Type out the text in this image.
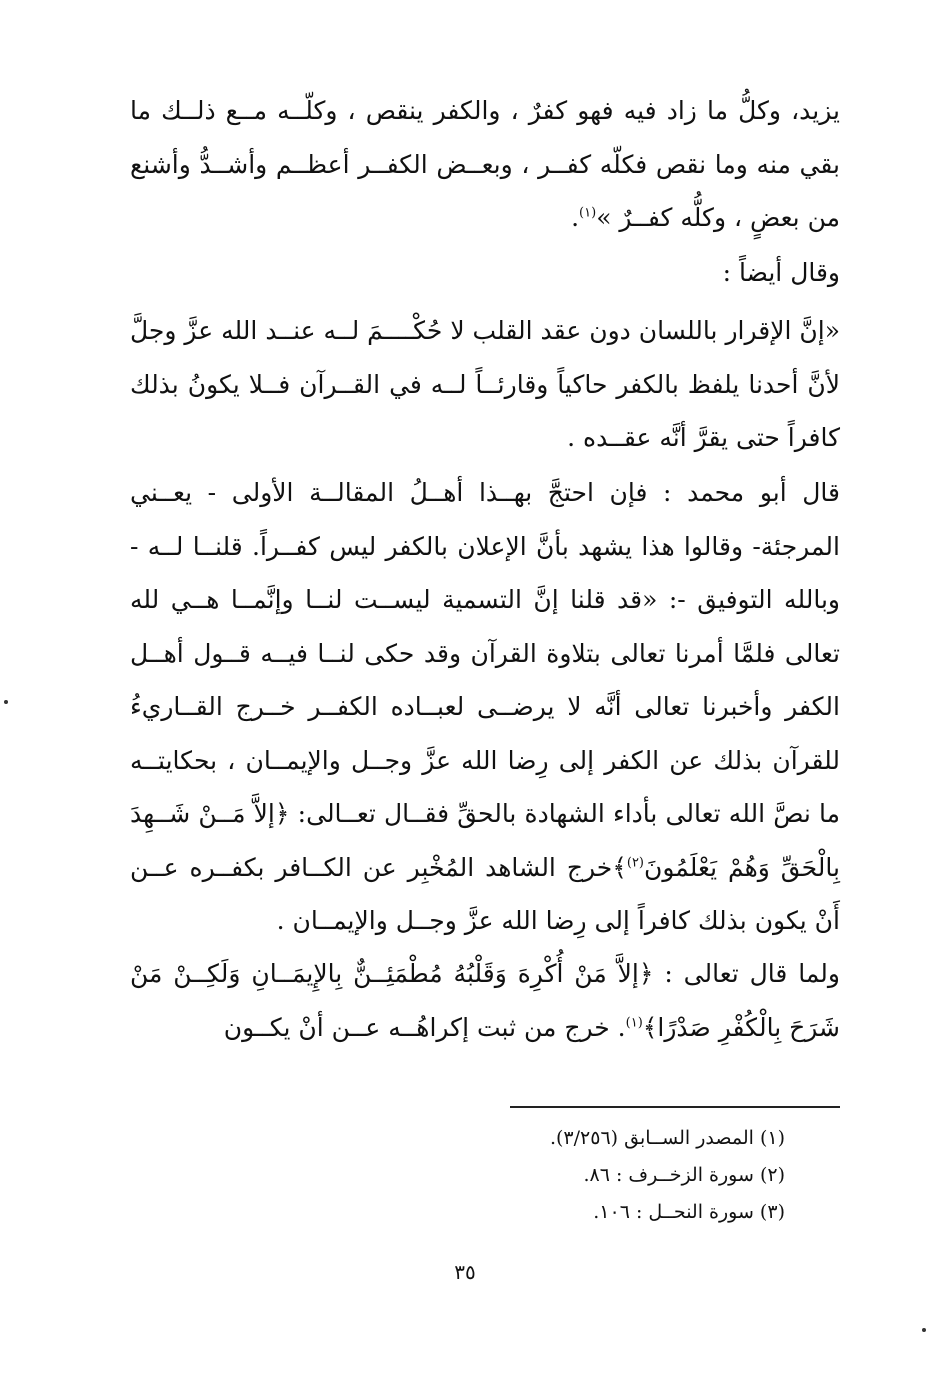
يزيد، وكلُّ ما زاد فيه فهو كفرٌ ، والكفر ينقص ، وكلّــه مــع ذلــك ما بقي منه وما نقص فكلّه كفــر ، وبعــض الكفــر أعظــم وأشــدُّ وأشنع من بعضٍ ، وكلُّه كفــرٌ »$^{(١)}$.
وقال أيضاً :
«إنَّ الإقرار باللسان دون عقد القلب لا حُكْــــمَ لــه عنــد الله عزَّ وجلَّ لأنَّ أحدنا يلفظ بالكفر حاكياً وقارئــاً لــه في القــرآن فــلا يكونُ بذلك كافراً حتى يقرَّ أنَّه عقــده .
قال أبو محمد : فإن احتجَّ بهــذا أهــلُ المقالــة الأولى - يعــني المرجئة- وقالوا هذا يشهد بأنَّ الإعلان بالكفر ليس كفــراً. قلنــا لــه - وبالله التوفيق -: «قد قلنا إنَّ التسمية ليســت لنــا وإنَّمــا هــي لله تعالى فلمَّا أمرنا تعالى بتلاوة القرآن وقد حكى لنــا فيــه قــول أهــل الكفر وأخبرنا تعالى أنَّه لا يرضــى لعبــاده الكفــر خــرج القــاريءُ للقرآن بذلك عن الكفر إلى رِضا الله عزَّ وجــل والإيمــان ، بحكايتــه ما نصَّ الله تعالى بأداء الشهادة بالحقِّ فقــال تعــالى: ﴿إلاَّ مَــنْ شَــهِدَ بِالْحَقِّ وَهُمْ يَعْلَمُونَ$^{(٢)}$﴾خرج الشاهد المُخْبِر عن الكــافر بكفــره عــن أَنْ يكون بذلك كافراً إلى رِضا الله عزَّ وجــل والإيمــان .
ولما قال تعالى : ﴿إلاَّ مَنْ أُكْرِهَ وَقَلْبُهُ مُطْمَئِــنٌّ بِالإِيمَــانِ وَلَكِــنْ مَنْ شَرَحَ بِالْكُفْرِ صَدْرًا﴾$^{(١)}$. خرج من ثبت إكراهُــه عــن أنْ يكــون
(١) المصدر الســابق (٣/٢٥٦).
(٢) سورة الزخــرف : ٨٦.
(٣) سورة النحــل : ١٠٦.
٣٥
